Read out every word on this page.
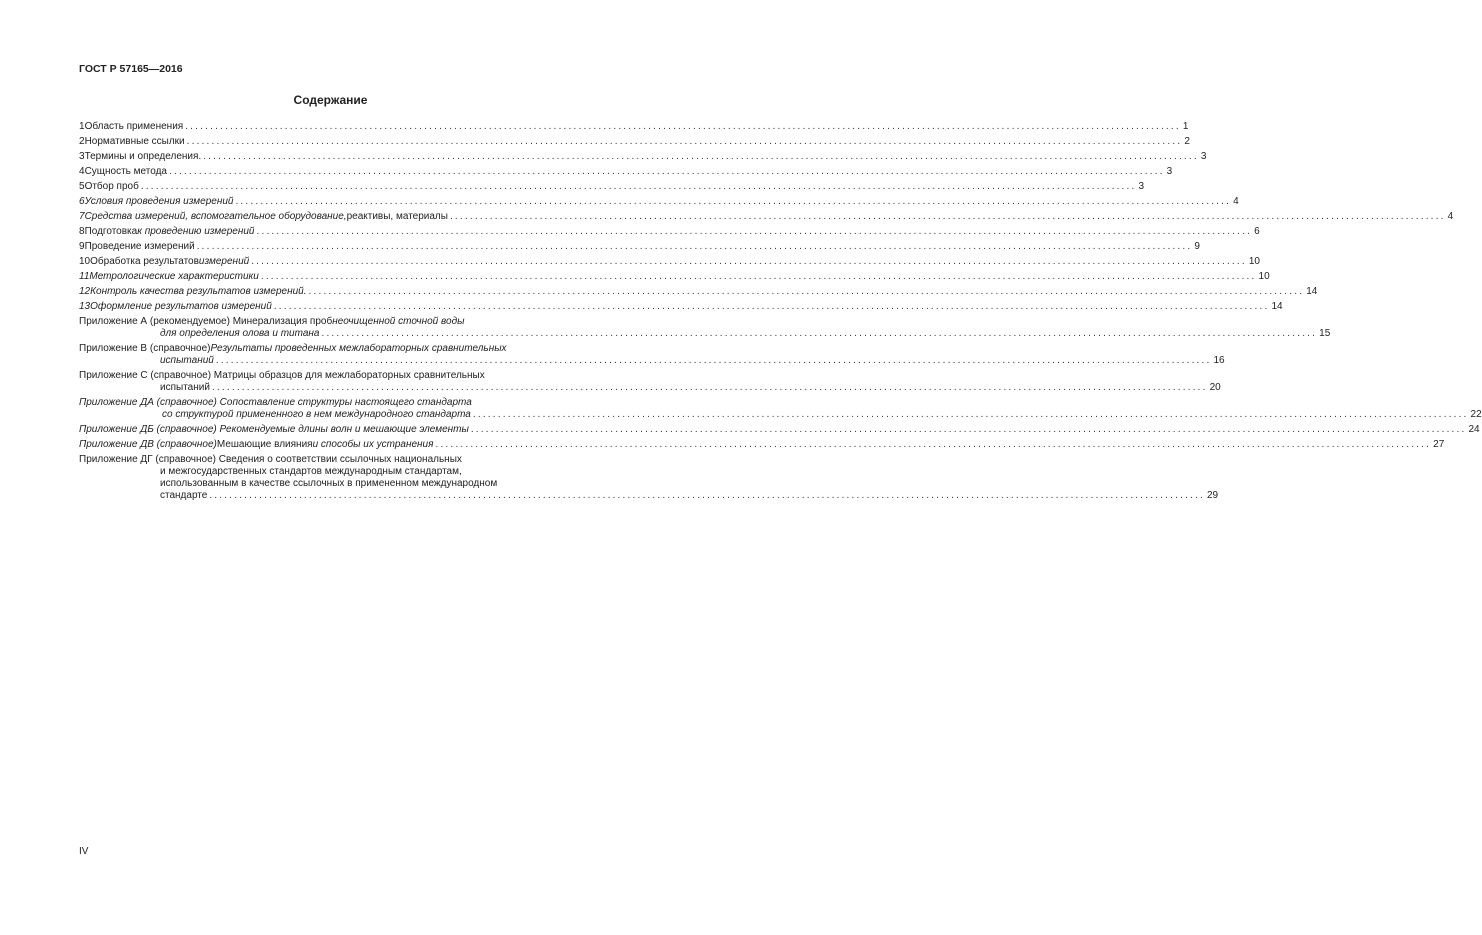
ГОСТ Р 57165—2016
Содержание
1 Область применения ........................................................................................................................................................................................................ 1
2 Нормативные ссылки ........................................................................................................................................................................................................ 2
3 Термины и определения. ........................................................................................................................................................................................................ 3
4 Сущность метода ........................................................................................................................................................................................................ 3
5 Отбор проб ........................................................................................................................................................................................................ 3
6 Условия проведения измерений ........................................................................................................................................................................................................ 4
7 Средства измерений, вспомогательное оборудование, реактивы, материалы ........................................................................................................................................................................................................ 4
8 Подготовка к проведению измерений ........................................................................................................................................................................................................ 6
9 Проведение измерений ........................................................................................................................................................................................................ 9
10 Обработка результатов измерений ........................................................................................................................................................................................................ 10
11 Метрологические характеристики ........................................................................................................................................................................................................ 10
12 Контроль качества результатов измерений. ........................................................................................................................................................................................................ 14
13 Оформление результатов измерений ........................................................................................................................................................................................................ 14
Приложение А (рекомендуемое) Минерализация проб неочищенной сточной воды
для определения олова и титана ........................................................................................................................................................................................................ 15
Приложение В (справочное) Результаты проведенных межлабораторных сравнительных
испытаний ........................................................................................................................................................................................................ 16
Приложение С (справочное) Матрицы образцов для межлабораторных сравнительных
испытаний ........................................................................................................................................................................................................ 20
Приложение ДА (справочное) Сопоставление структуры настоящего стандарта
со структурой примененного в нем международного стандарта ........................................................................................................................................................................................................ 22
Приложение ДБ (справочное) Рекомендуемые длины волн и мешающие элементы ........................................................................................................................................................................................................ 24
Приложение ДВ (справочное) Мешающие влияния и способы их устранения ........................................................................................................................................................................................................ 27
Приложение ДГ (справочное) Сведения о соответствии ссылочных национальных
и межгосударственных стандартов международным стандартам,
использованным в качестве ссылочных в примененном международном
стандарте ........................................................................................................................................................................................................ 29
IV
